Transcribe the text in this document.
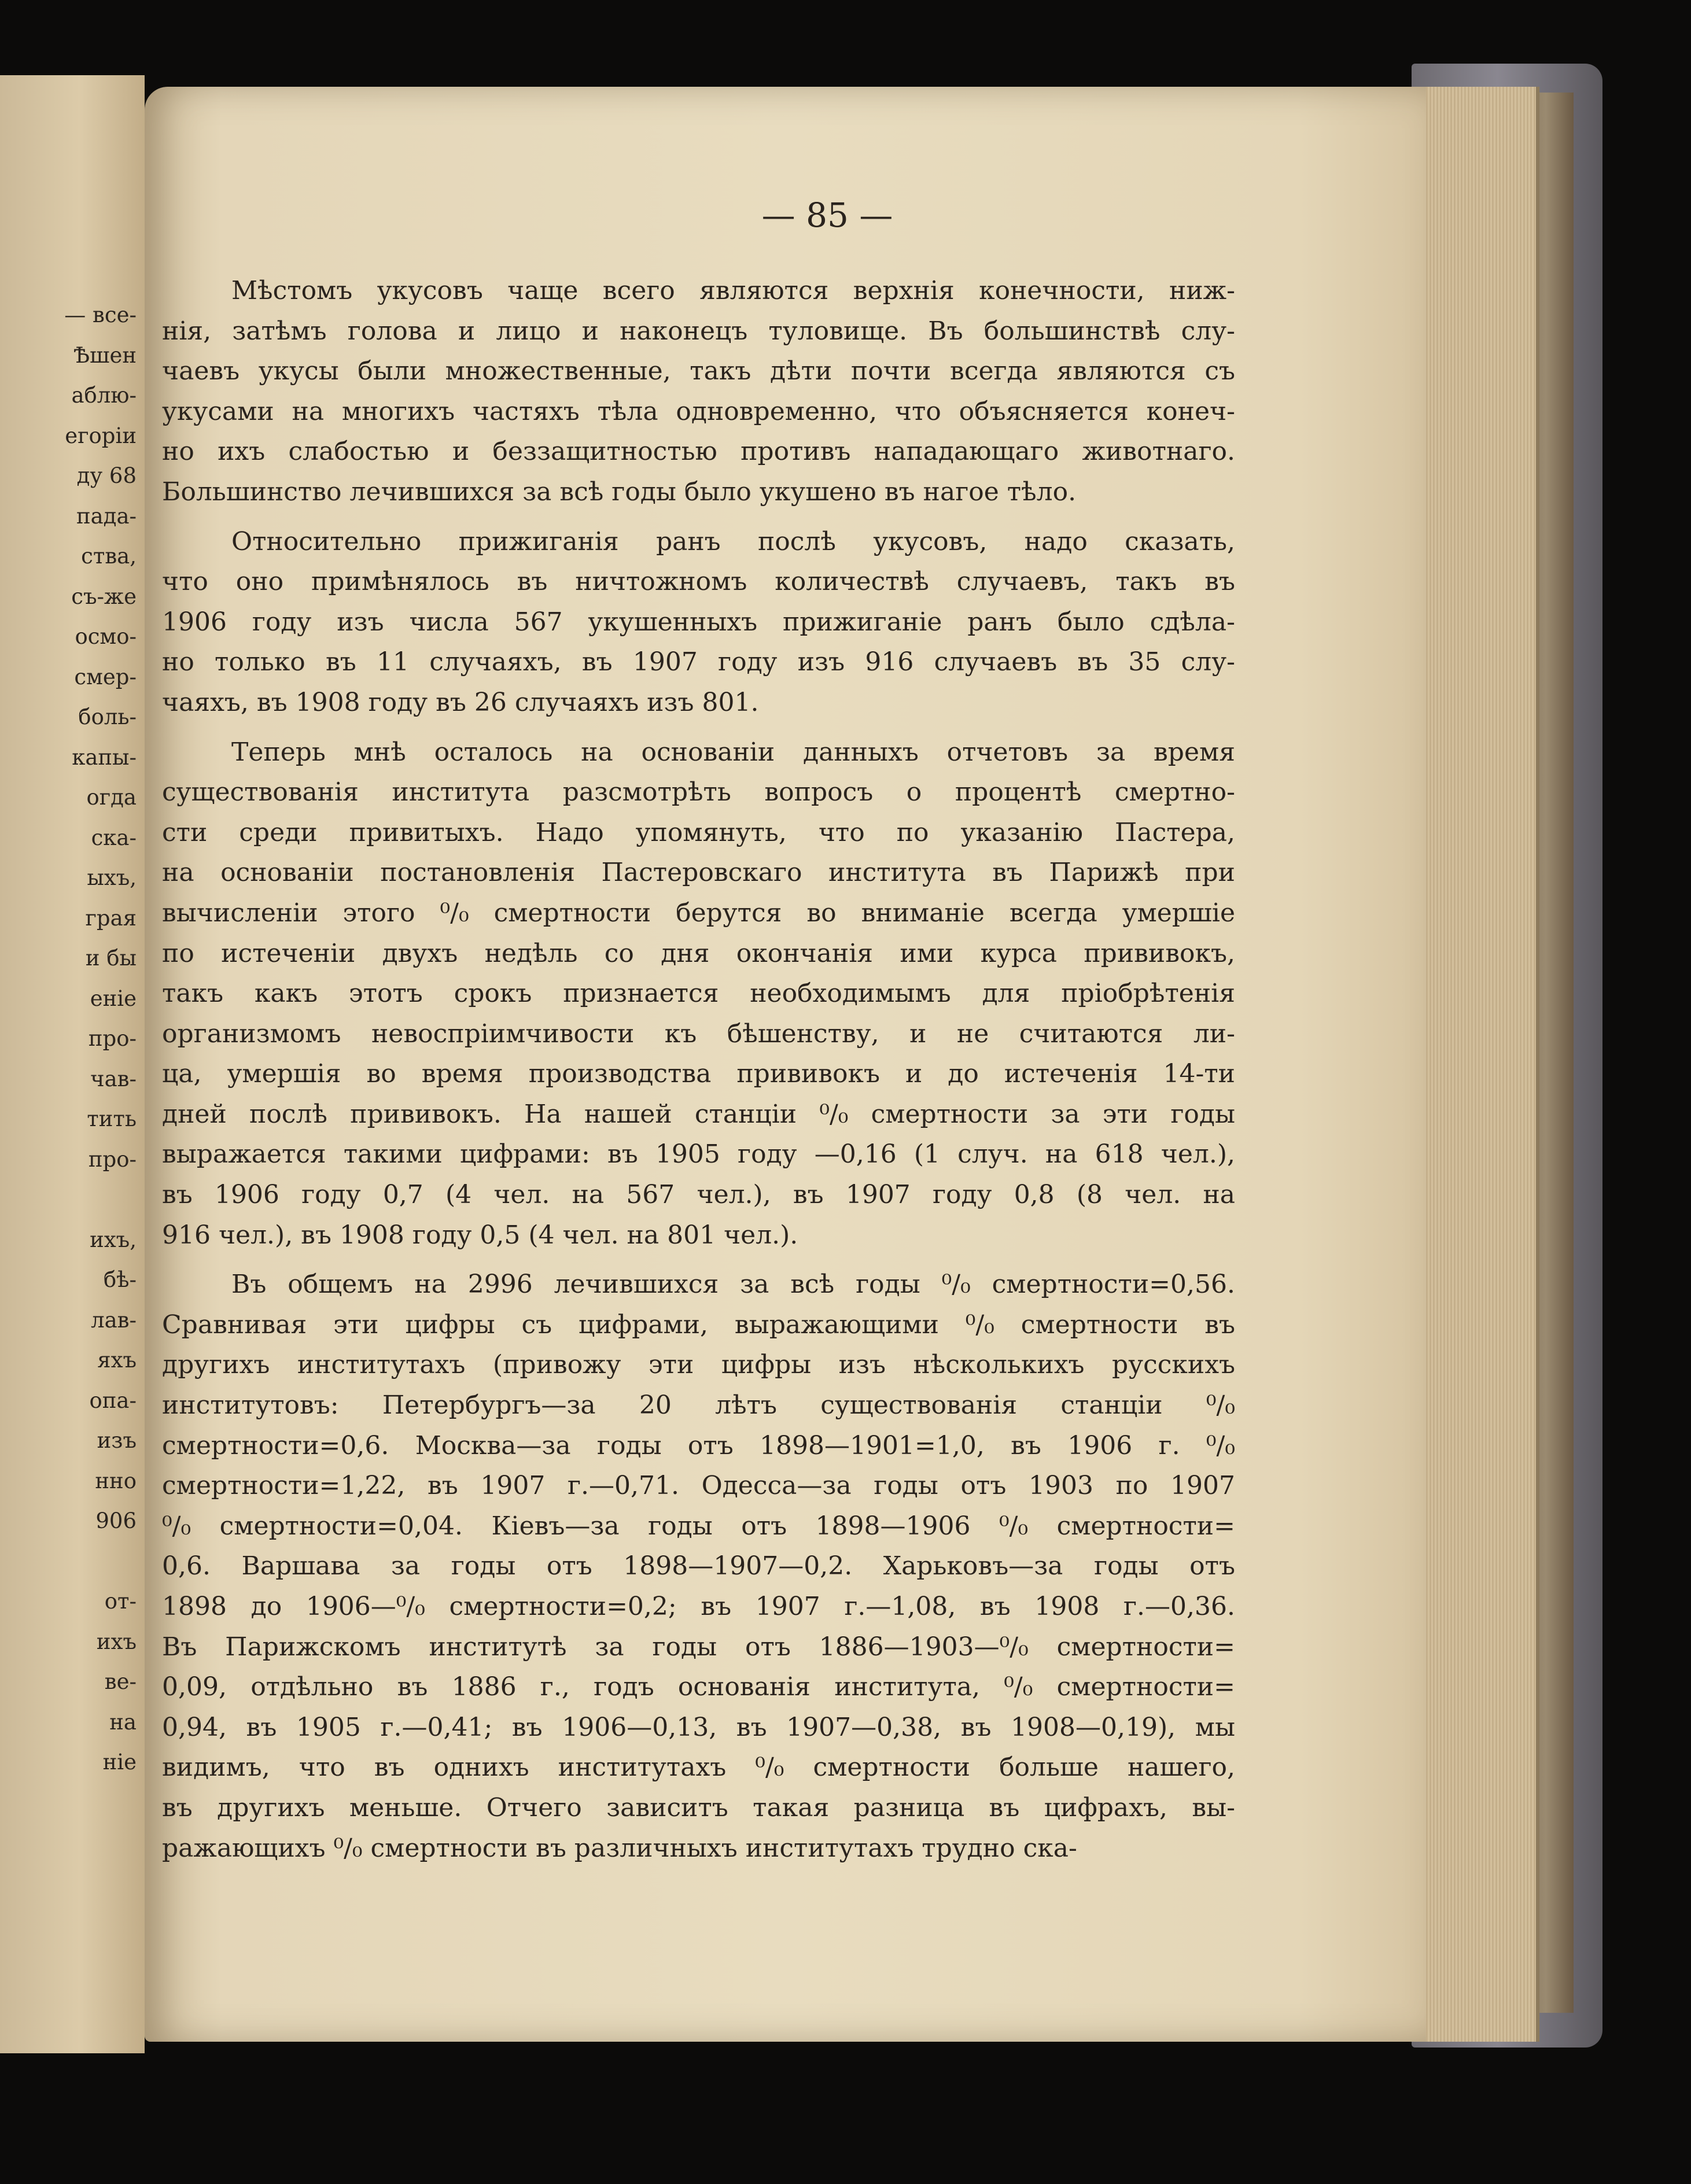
— все-
Ѣшен
аблю-
егоріи
ду 68
пада-
ства,
съ-же
осмо-
смер-
боль-
капы-
огда
ска-
ыхъ,
грая
и бы
еніе
про-
чав-
тить
про-
ихъ,
бѣ-
лав-
яхъ
опа-
изъ
нно
906
от-
ихъ
ве-
на
ніе
— 85 —
Мѣстомъ укусовъ чаще всего являются верхнія конечности, ниж-
нія, затѣмъ голова и лицо и наконецъ туловище. Въ большинствѣ слу-
чаевъ укусы были множественные, такъ дѣти почти всегда являются съ
укусами на многихъ частяхъ тѣла одновременно, что объясняется конеч-
но ихъ слабостью и беззащитностью противъ нападающаго животнаго.
Большинство лечившихся за всѣ годы было укушено въ нагое тѣло.
Относительно прижиганія ранъ послѣ укусовъ, надо сказать,
что оно примѣнялось въ ничтожномъ количествѣ случаевъ, такъ въ
1906 году изъ числа 567 укушенныхъ прижиганіе ранъ было сдѣла-
но только въ 11 случаяхъ, въ 1907 году изъ 916 случаевъ въ 35 слу-
чаяхъ, въ 1908 году въ 26 случаяхъ изъ 801.
Теперь мнѣ осталось на основаніи данныхъ отчетовъ за время
существованія института разсмотрѣть вопросъ о процентѣ смертно-
сти среди привитыхъ. Надо упомянуть, что по указанію Пастера,
на основаніи постановленія Пастеровскаго института въ Парижѣ при
вычисленіи этого ⁰/₀ смертности берутся во вниманіе всегда умершіе
по истеченіи двухъ недѣль со дня окончанія ими курса прививокъ,
такъ какъ этотъ срокъ признается необходимымъ для пріобрѣтенія
организмомъ невоспріимчивости къ бѣшенству, и не считаются ли-
ца, умершія во время производства прививокъ и до истеченія 14-ти
дней послѣ прививокъ. На нашей станціи ⁰/₀ смертности за эти годы
выражается такими цифрами: въ 1905 году —0,16 (1 случ. на 618 чел.),
въ 1906 году 0,7 (4 чел. на 567 чел.), въ 1907 году 0,8 (8 чел. на
916 чел.), въ 1908 году 0,5 (4 чел. на 801 чел.).
Въ общемъ на 2996 лечившихся за всѣ годы ⁰/₀ смертности=0,56.
Сравнивая эти цифры съ цифрами, выражающими ⁰/₀ смертности въ
другихъ институтахъ (привожу эти цифры изъ нѣсколькихъ русскихъ
институтовъ: Петербургъ—за 20 лѣтъ существованія станціи ⁰/₀
смертности=0,6. Москва—за годы отъ 1898—1901=1,0, въ 1906 г. ⁰/₀
смертности=1,22, въ 1907 г.—0,71. Одесса—за годы отъ 1903 по 1907
⁰/₀ смертности=0,04. Кіевъ—за годы отъ 1898—1906 ⁰/₀ смертности=
0,6. Варшава за годы отъ 1898—1907—0,2. Харьковъ—за годы отъ
1898 до 1906—⁰/₀ смертности=0,2; въ 1907 г.—1,08, въ 1908 г.—0,36.
Въ Парижскомъ институтѣ за годы отъ 1886—1903—⁰/₀ смертности=
0,09, отдѣльно въ 1886 г., годъ основанія института, ⁰/₀ смертности=
0,94, въ 1905 г.—0,41; въ 1906—0,13, въ 1907—0,38, въ 1908—0,19), мы
видимъ, что въ однихъ институтахъ ⁰/₀ смертности больше нашего,
въ другихъ меньше. Отчего зависитъ такая разница въ цифрахъ, вы-
ражающихъ ⁰/₀ смертности въ различныхъ институтахъ трудно ска-
